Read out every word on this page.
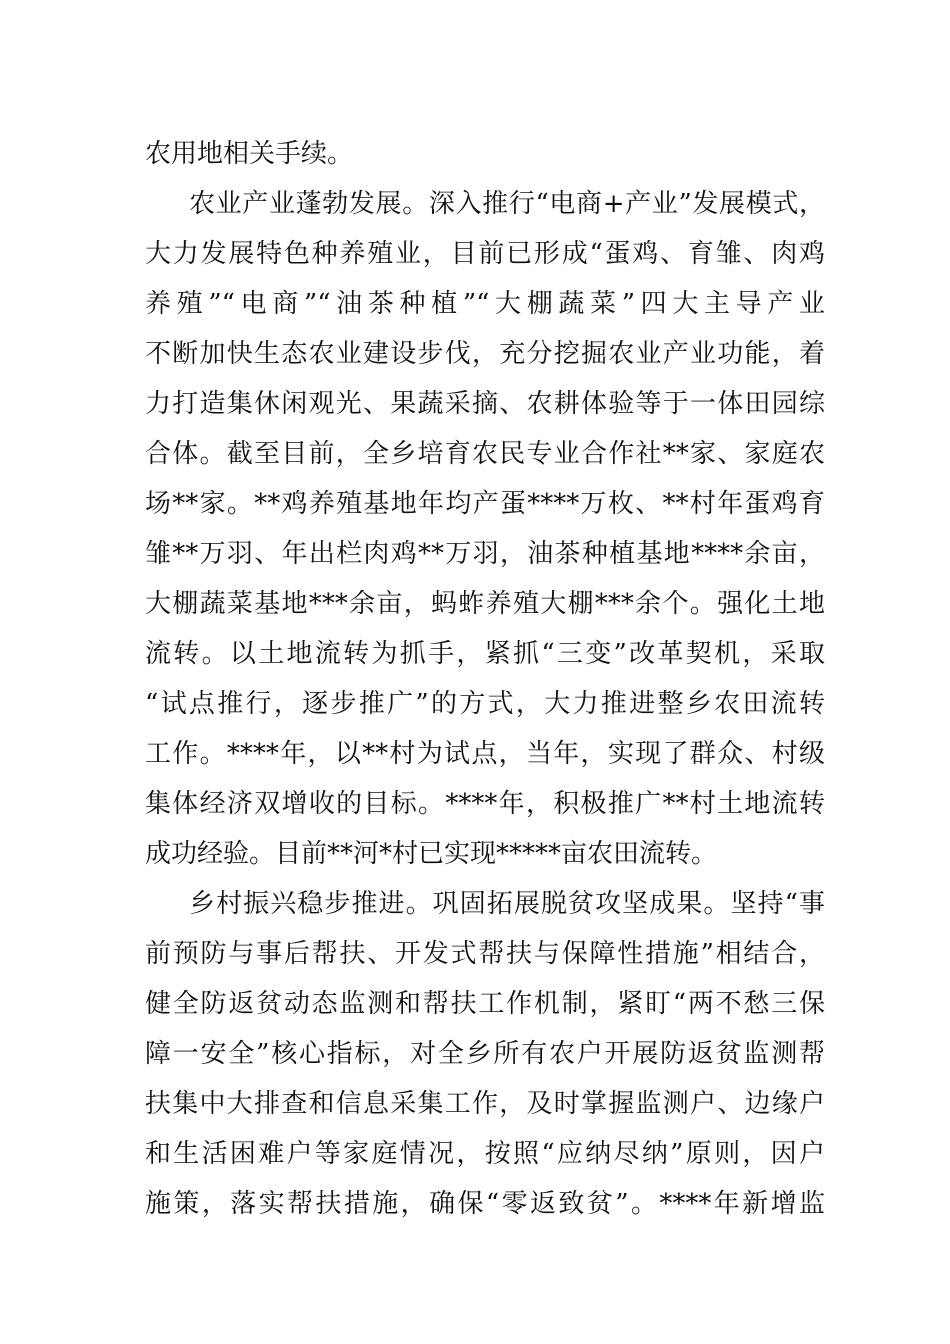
农用地相关手续。
农业产业蓬勃发展。深入推行“电商+产业”发展模式，
大力发展特色种养殖业，目前已形成“蛋鸡、育雏、肉鸡
养殖”“电商”“油茶种植”“大棚蔬菜”四大主导产业
不断加快生态农业建设步伐，充分挖掘农业产业功能，着
力打造集休闲观光、果蔬采摘、农耕体验等于一体田园综
合体。截至目前，全乡培育农民专业合作社**家、家庭农
场**家。**鸡养殖基地年均产蛋****万枚、**村年蛋鸡育
雏**万羽、年出栏肉鸡**万羽，油茶种植基地****余亩，
大棚蔬菜基地***余亩，蚂蚱养殖大棚***余个。强化土地
流转。以土地流转为抓手，紧抓“三变”改革契机，采取
“试点推行，逐步推广”的方式，大力推进整乡农田流转
工作。****年，以**村为试点，当年，实现了群众、村级
集体经济双增收的目标。****年，积极推广**村土地流转
成功经验。目前**河*村已实现*****亩农田流转。
乡村振兴稳步推进。巩固拓展脱贫攻坚成果。坚持“事
前预防与事后帮扶、开发式帮扶与保障性措施”相结合，
健全防返贫动态监测和帮扶工作机制，紧盯“两不愁三保
障一安全”核心指标，对全乡所有农户开展防返贫监测帮
扶集中大排查和信息采集工作，及时掌握监测户、边缘户
和生活困难户等家庭情况，按照“应纳尽纳”原则，因户
施策，落实帮扶措施，确保“零返致贫”。****年新增监
